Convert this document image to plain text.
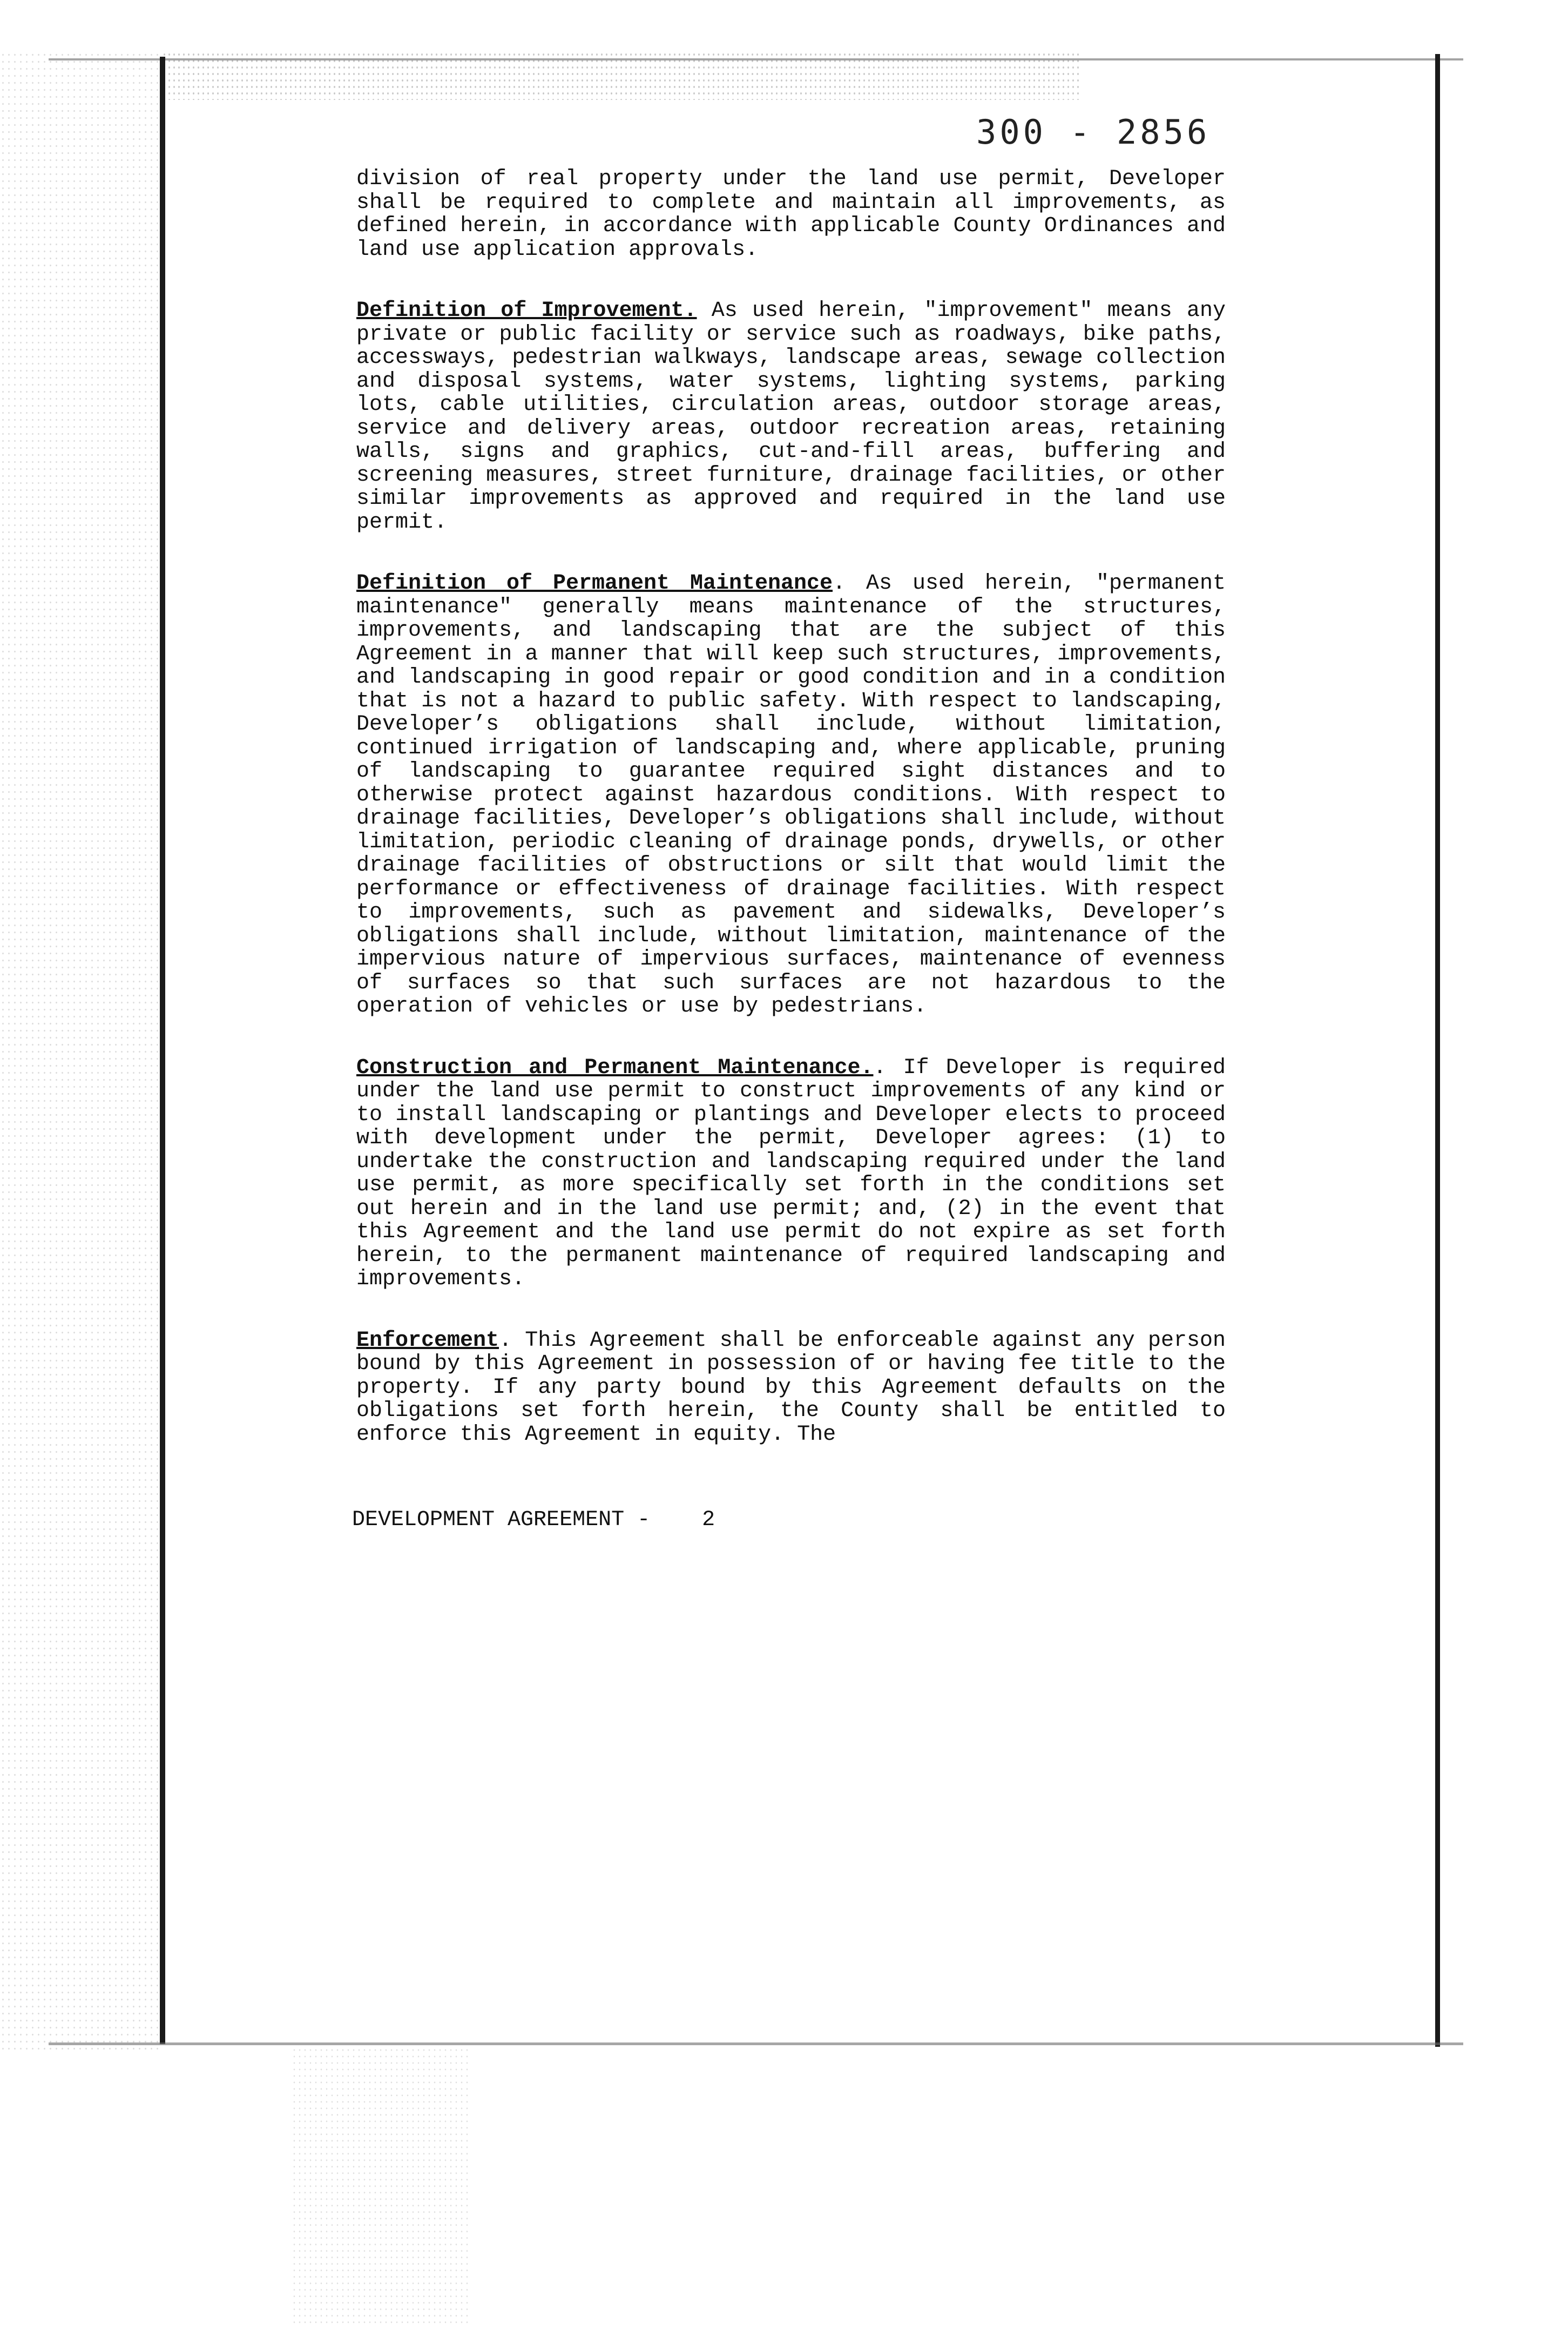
300 - 2856

division of real property under the land use permit, Developer shall be required to complete and maintain all improvements, as defined herein, in accordance with applicable County Ordinances and land use application approvals.

Definition of Improvement. As used herein, "improvement" means any private or public facility or service such as roadways, bike paths, accessways, pedestrian walkways, landscape areas, sewage collection and disposal systems, water systems, lighting systems, parking lots, cable utilities, circulation areas, outdoor storage areas, service and delivery areas, outdoor recreation areas, retaining walls, signs and graphics, cut-and-fill areas, buffering and screening measures, street furniture, drainage facilities, or other similar improvements as approved and required in the land use permit.

Definition of Permanent Maintenance. As used herein, "permanent maintenance" generally means maintenance of the structures, improvements, and landscaping that are the subject of this Agreement in a manner that will keep such structures, improvements, and landscaping in good repair or good condition and in a condition that is not a hazard to public safety. With respect to landscaping, Developer’s obligations shall include, without limitation, continued irrigation of landscaping and, where applicable, pruning of landscaping to guarantee required sight distances and to otherwise protect against hazardous conditions. With respect to drainage facilities, Developer’s obligations shall include, without limitation, periodic cleaning of drainage ponds, drywells, or other drainage facilities of obstructions or silt that would limit the performance or effectiveness of drainage facilities. With respect to improvements, such as pavement and sidewalks, Developer’s obligations shall include, without limitation, maintenance of the impervious nature of impervious surfaces, maintenance of evenness of surfaces so that such surfaces are not hazardous to the operation of vehicles or use by pedestrians.

Construction and Permanent Maintenance.. If Developer is required under the land use permit to construct improvements of any kind or to install landscaping or plantings and Developer elects to proceed with development under the permit, Developer agrees: (1) to undertake the construction and landscaping required under the land use permit, as more specifically set forth in the conditions set out herein and in the land use permit; and, (2) in the event that this Agreement and the land use permit do not expire as set forth herein, to the permanent maintenance of required landscaping and improvements.

Enforcement. This Agreement shall be enforceable against any person bound by this Agreement in possession of or having fee title to the property. If any party bound by this Agreement defaults on the obligations set forth herein, the County shall be entitled to enforce this Agreement in equity. The

DEVELOPMENT AGREEMENT -    2
